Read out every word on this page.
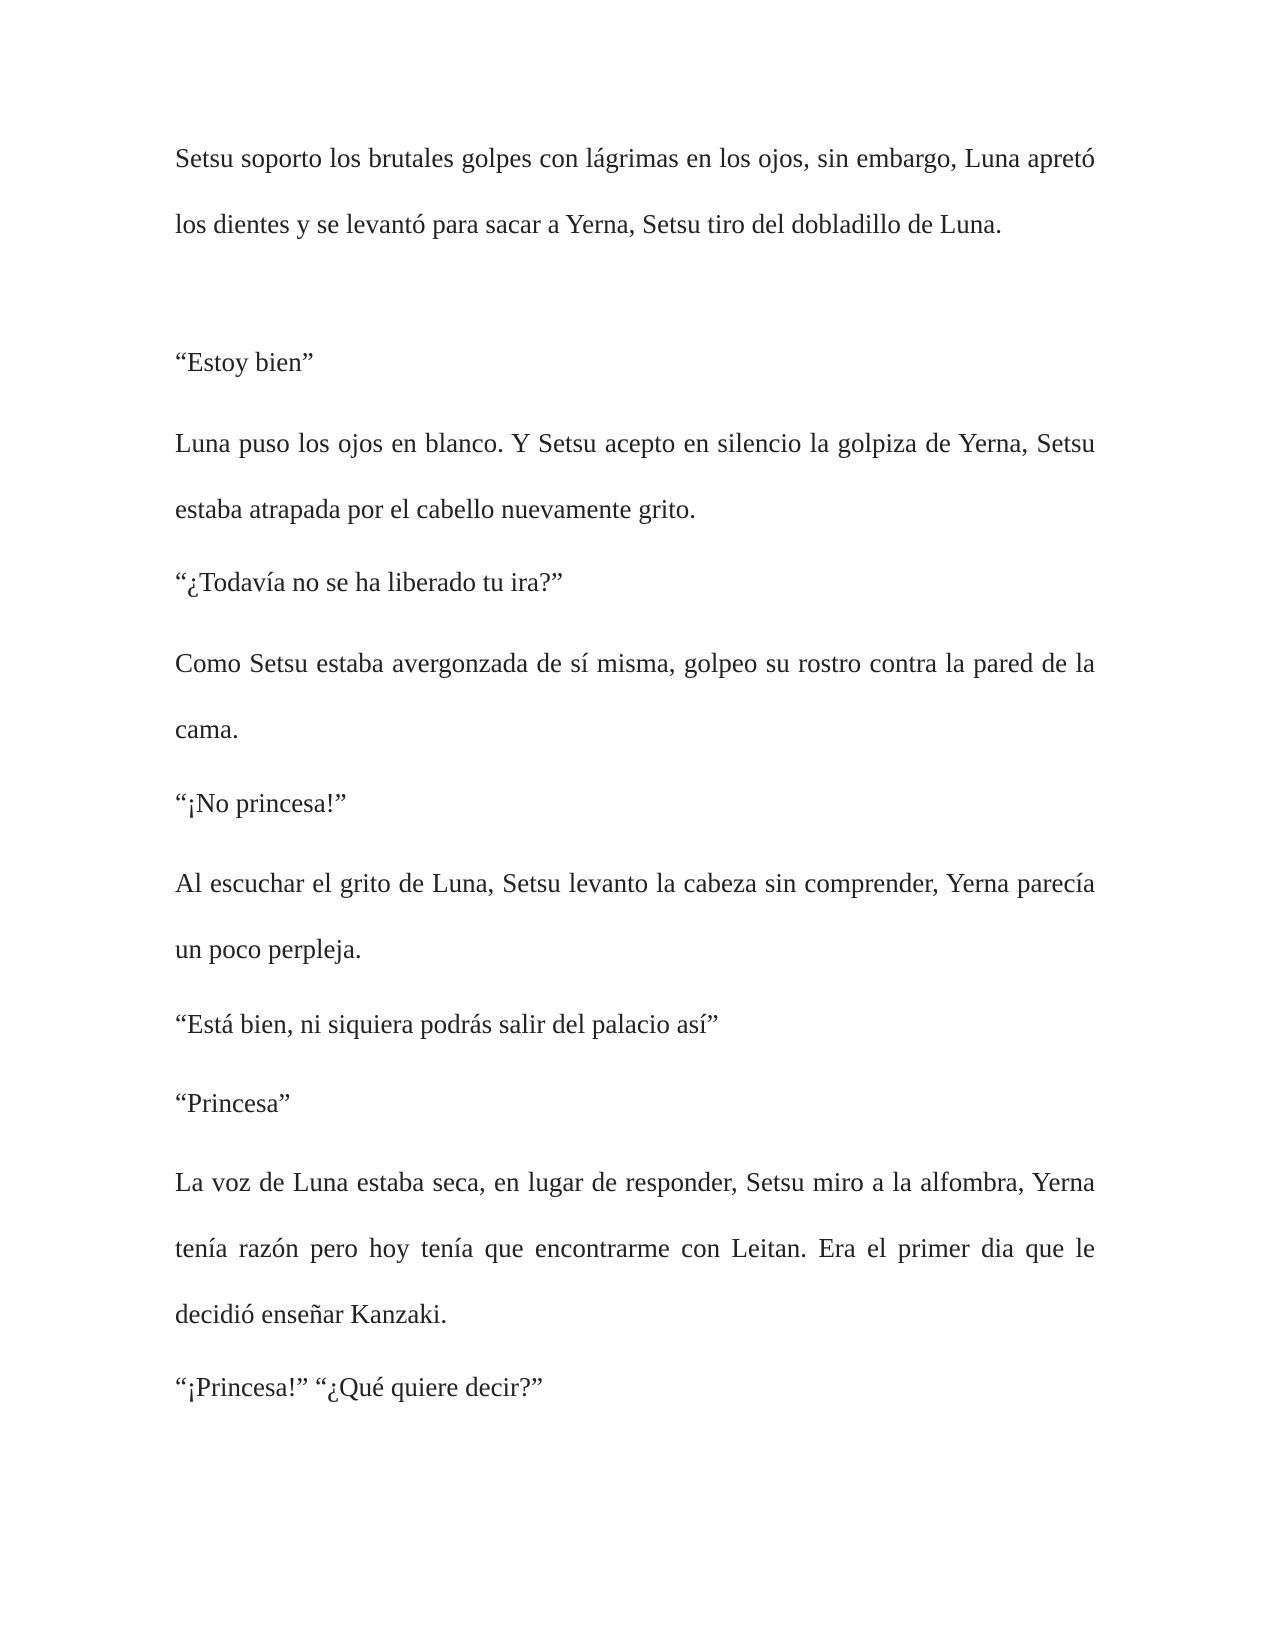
Setsu soporto los brutales golpes con lágrimas en los ojos, sin embargo, Luna apretó los dientes y se levantó para sacar a Yerna, Setsu tiro del dobladillo de Luna.

“Estoy bien”

Luna puso los ojos en blanco. Y Setsu acepto en silencio la golpiza de Yerna, Setsu estaba atrapada por el cabello nuevamente grito.

“¿Todavía no se ha liberado tu ira?”

Como Setsu estaba avergonzada de sí misma, golpeo su rostro contra la pared de la cama.

“¡No princesa!”

Al escuchar el grito de Luna, Setsu levanto la cabeza sin comprender, Yerna parecía un poco perpleja.

“Está bien, ni siquiera podrás salir del palacio así”

“Princesa”

La voz de Luna estaba seca, en lugar de responder, Setsu miro a la alfombra, Yerna tenía razón pero hoy tenía que encontrarme con Leitan. Era el primer dia que le decidió enseñar Kanzaki.

“¡Princesa!” “¿Qué quiere decir?”
